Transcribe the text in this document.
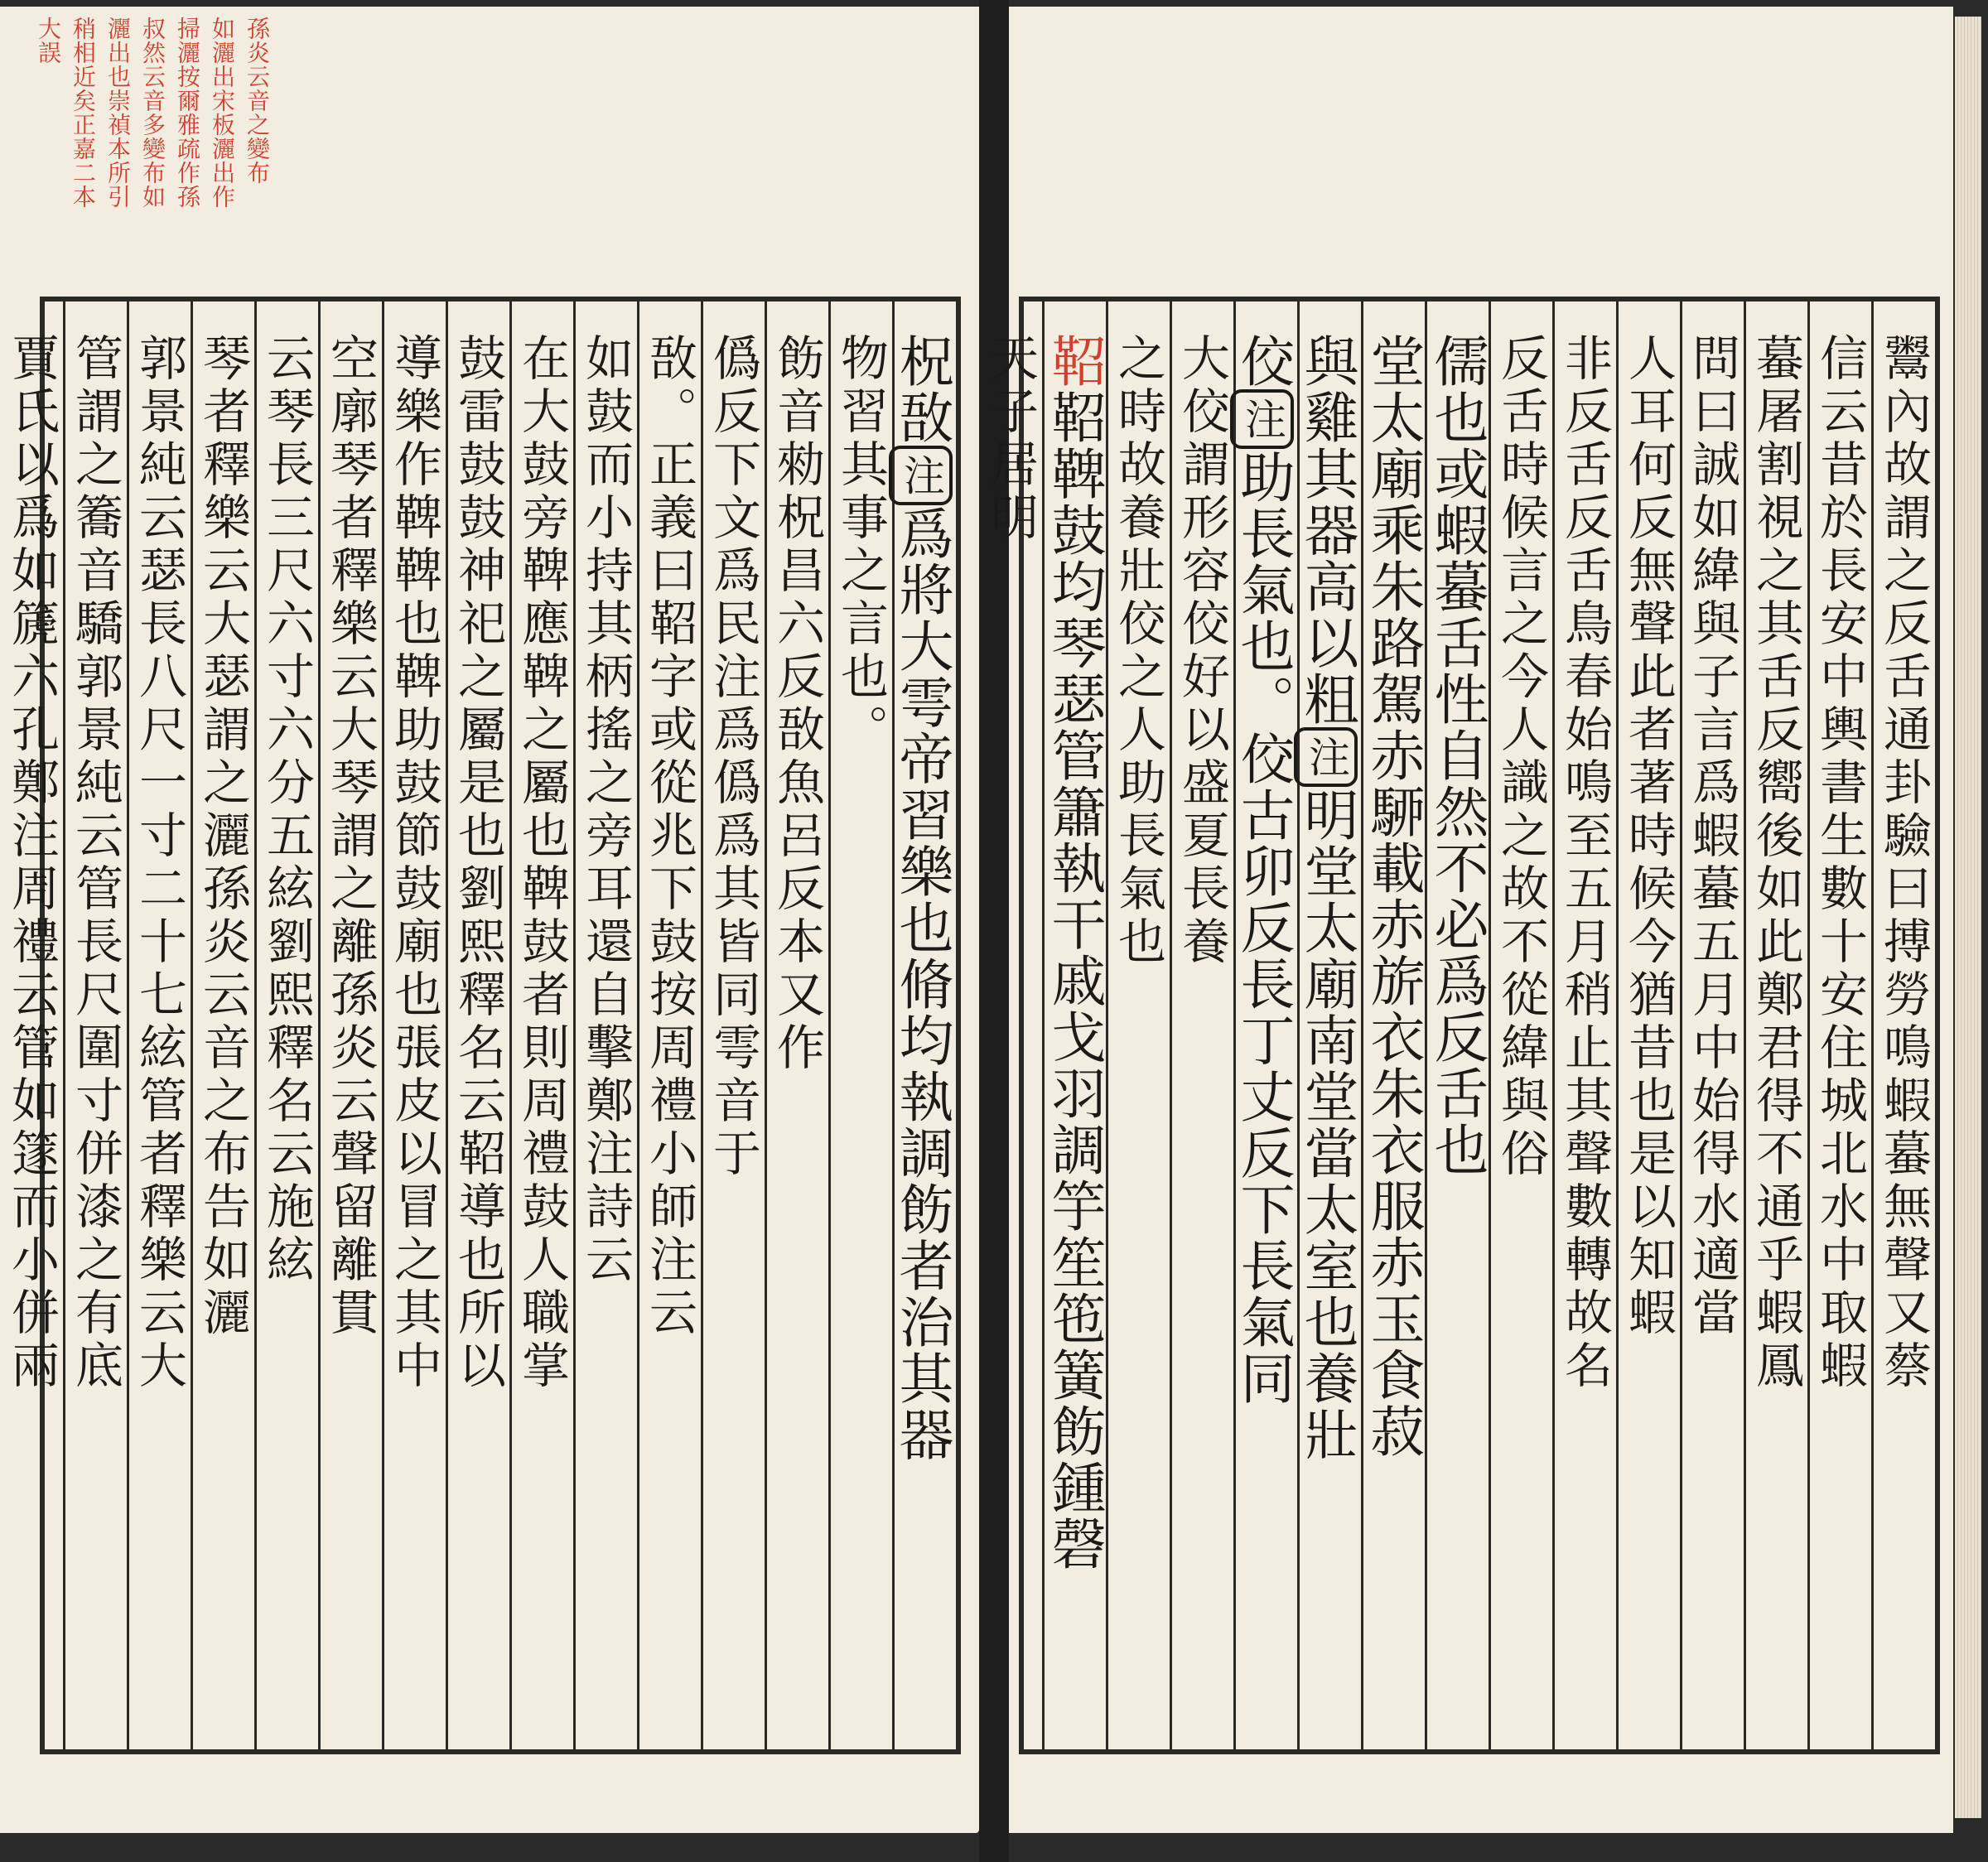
孫炎云音之變布
如灑出宋板灑出作
掃灑按爾雅疏作孫
叔然云音多變布如
灑出也崇禎本所引
稍相近矣正嘉二本
大誤
柷敔注爲將大雩帝習樂也脩均執調飭者治其器
物習其事之言也。
飭音勑柷昌六反敔魚呂反本又作
僞反下文爲民注爲僞爲其皆同雩音于
敔。正義曰鞀字或從兆下鼓按周禮小師注云
如鼓而小持其柄搖之旁耳還自擊鄭注詩云
在大鼓旁鞞應鞞之屬也鞞鼓者則周禮鼓人職掌
鼓雷鼓鼓神祀之屬是也劉熙釋名云鞀導也所以
導樂作鞞鞞也鞞助鼓節鼓廟也張皮以冒之其中
空廓琴者釋樂云大琴謂之離孫炎云聲留離貫
云琴長三尺六寸六分五絃劉熙釋名云施絃
琴者釋樂云大瑟謂之灑孫炎云音之布告如灑
郭景純云瑟長八尺一寸二十七絃管者釋樂云大
管謂之簥音驕郭景純云管長尺圍寸併漆之有底
賈氏以爲如篪六孔鄭注周禮云管如篴而小併兩	鬻內故謂之反舌通卦驗曰搏勞鳴蝦蟇無聲又蔡
信云昔於長安中輿書生數十安住城北水中取蝦
蟇屠割視之其舌反嚮後如此鄭君得不通乎蝦鳳
問曰誠如緯與子言爲蝦蟇五月中始得水適當
人耳何反無聲此者著時候今猶昔也是以知蝦
非反舌反舌鳥春始鳴至五月稍止其聲數轉故名
反舌時候言之今人識之故不從緯與俗
儒也或蝦蟇舌性自然不必爲反舌也
堂太廟乘朱路駕赤駵載赤旂衣朱衣服赤玉食菽
與雞其器高以粗注明堂太廟南堂當太室也養壯
佼注助長氣也。佼古卯反長丁丈反下長氣同
大佼謂形容佼好以盛夏長養
之時故養壯佼之人助長氣也
鞀鞀鞞鼓均琴瑟管簫執干戚戈羽調竽笙竾簧飭鍾磬
天子居明
